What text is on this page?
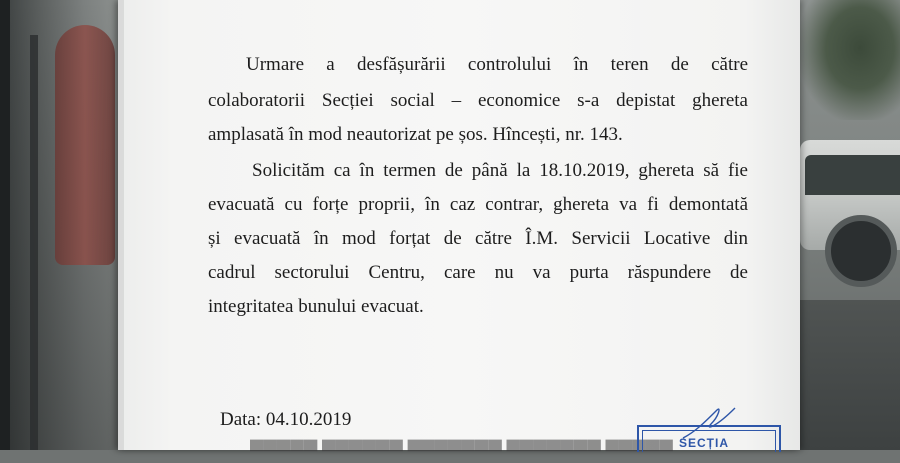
Urmare a desfășurării controlului în teren de către
colaboratorii Secției social – economice s-a depistat ghereta
amplasată în mod neautorizat pe șos. Hîncești, nr. 143.
Solicităm ca în termen de până la 18.10.2019, ghereta să fie
evacuată cu forțe proprii, în caz contrar, ghereta va fi demontată
și evacuată în mod forțat de către Î.M. Servicii Locative din
cadrul sectorului Centru, care nu va purta răspundere de
integritatea bunului evacuat.
Data: 04.10.2019
▀▀▀▀▀ ▀▀▀▀▀▀ ▀▀▀▀▀▀▀ ▀▀▀▀▀▀▀ ▀▀▀▀▀ SECȚIA
